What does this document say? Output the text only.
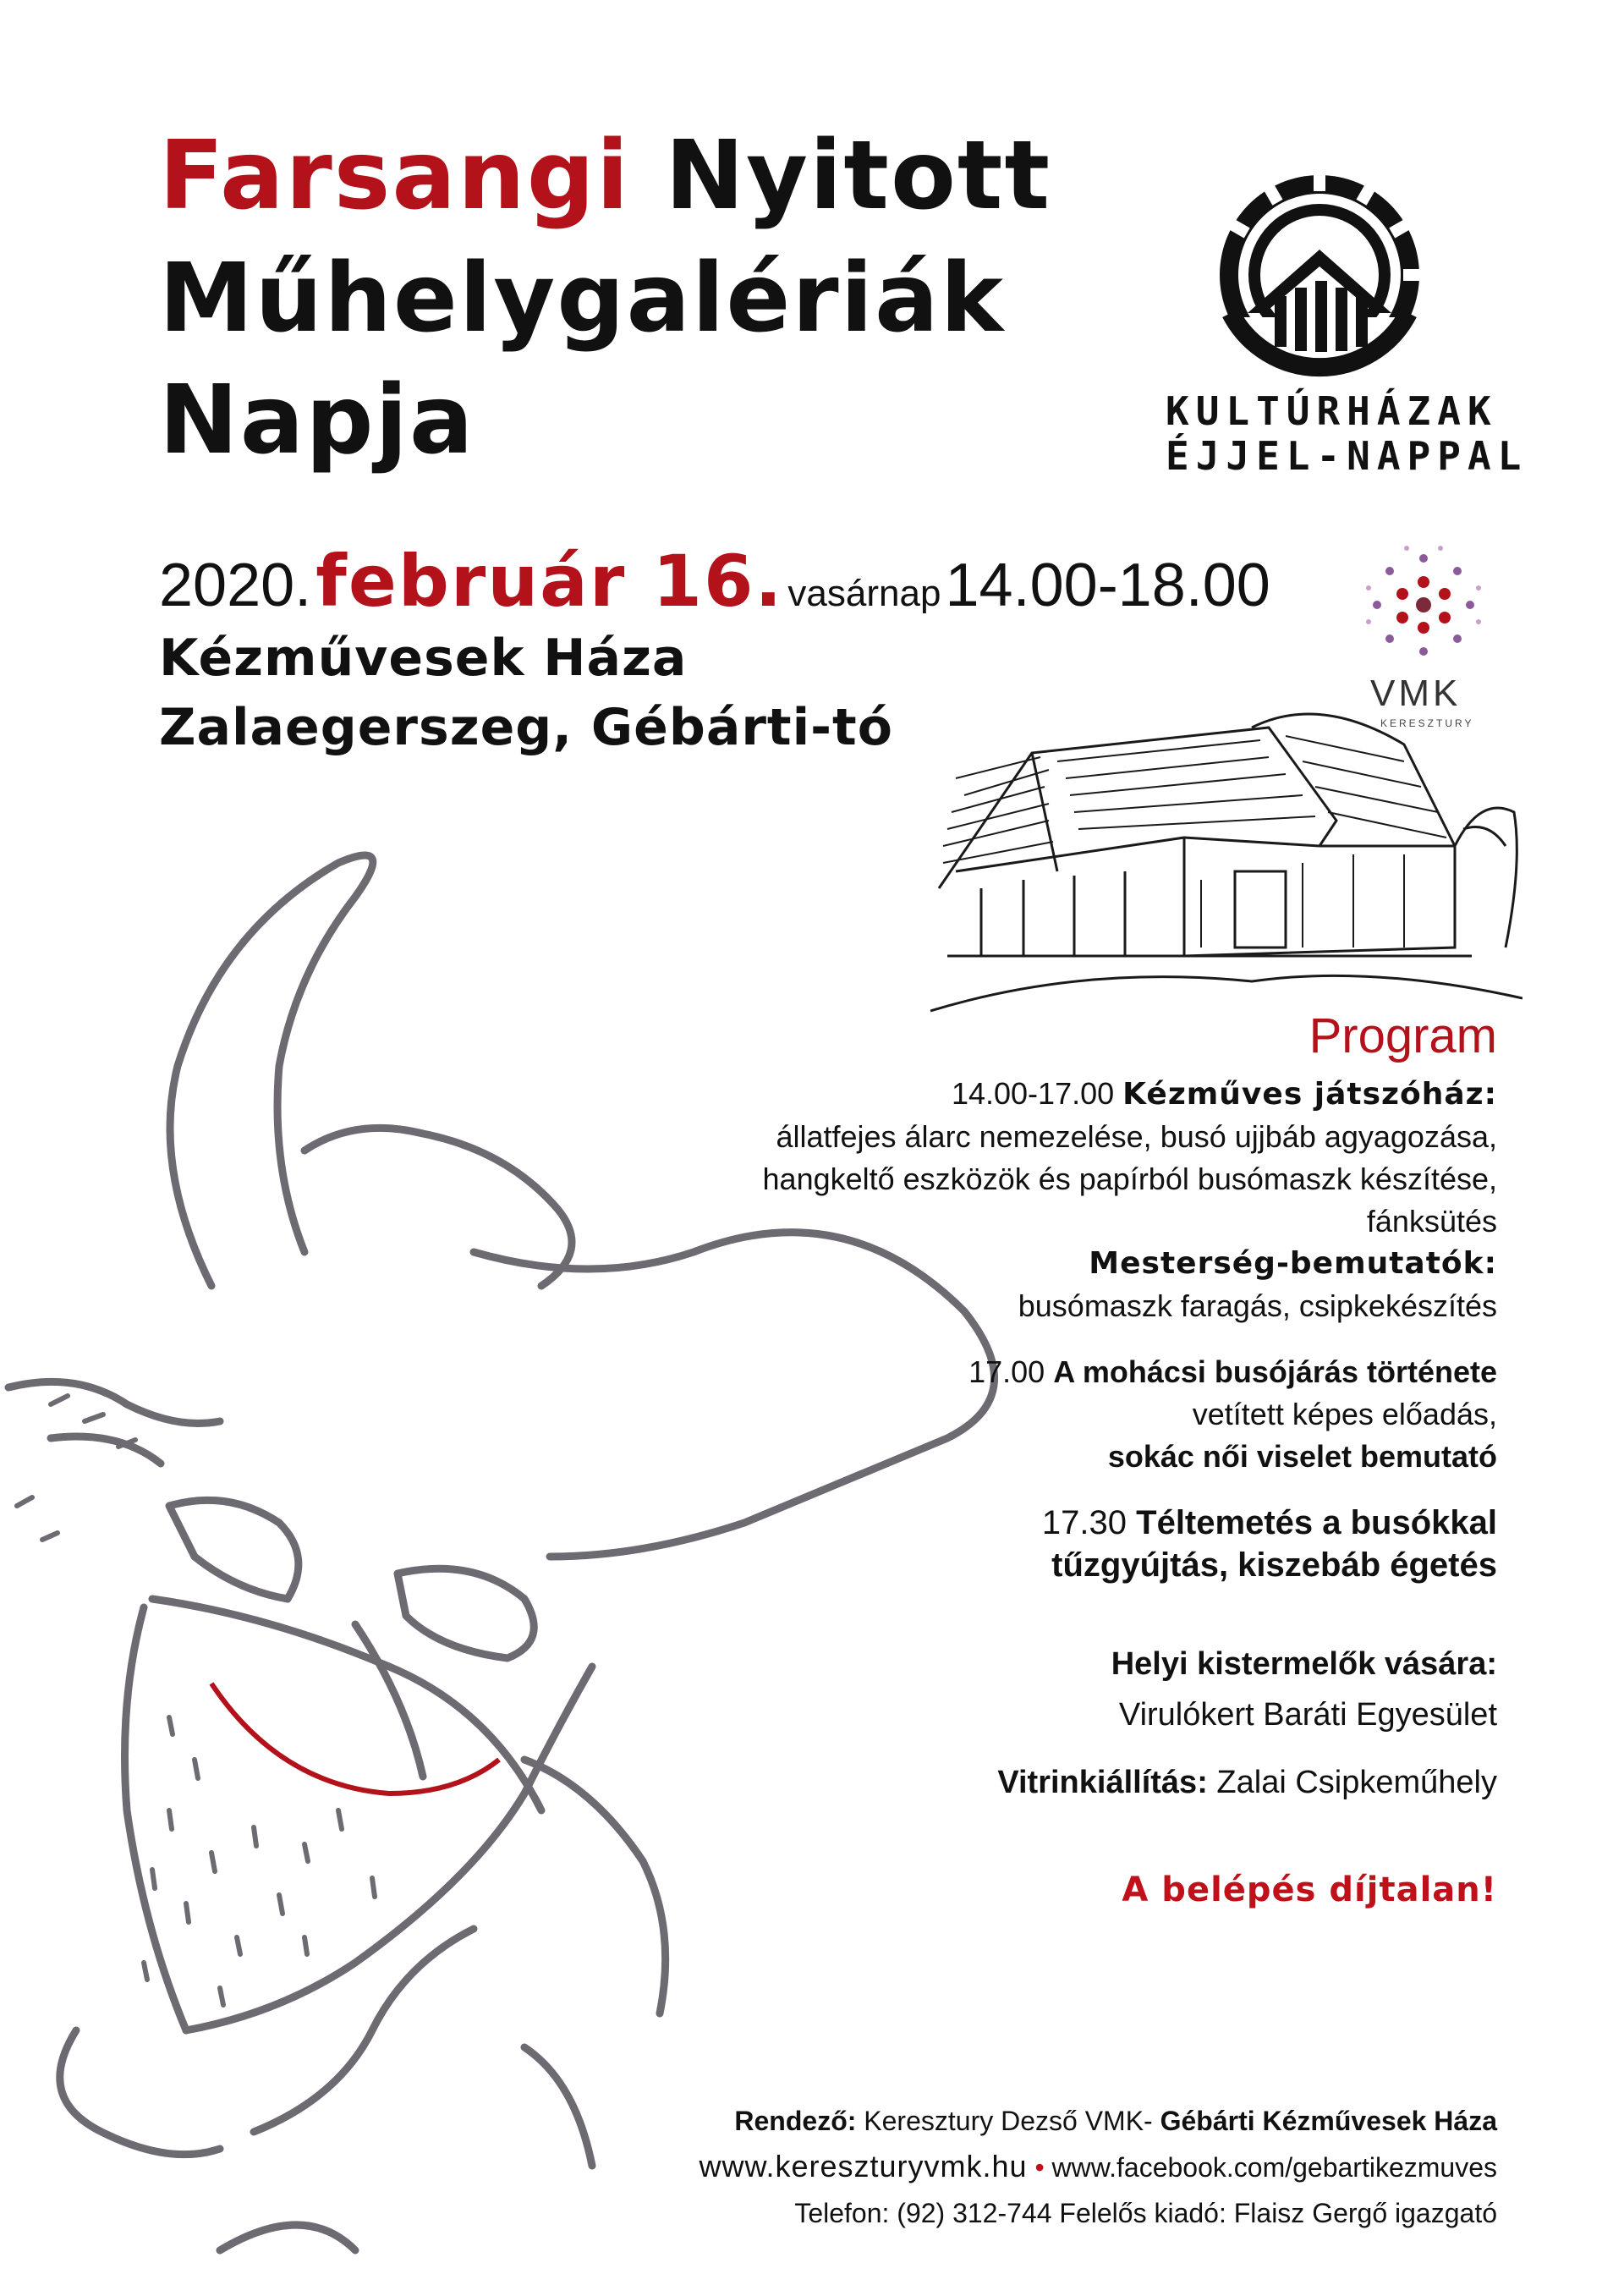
Farsangi Nyitott
Műhelygalériák
Napja	KULTÚRHÁZAK
ÉJJEL-NAPPAL
2020. február 16. vasárnap 14.00-18.00
Kézművesek Háza
Zalaegerszeg, Gébárti-tó
VMK
KERESZTURY
Program
14.00-17.00 Kézműves játszóház:
állatfejes álarc nemezelése, busó ujjbáb agyagozása,
hangkeltő eszközök és papírból busómaszk készítése,
fánksütés
Mesterség-bemutatók:
busómaszk faragás, csipkekészítés
17.00 A mohácsi busójárás története
vetített képes előadás,
sokác női viselet bemutató
17.30 Téltemetés a busókkal
tűzgyújtás, kiszebáb égetés
Helyi kistermelők vására:
Virulókert Baráti Egyesület
Vitrinkiállítás: Zalai Csipkeműhely
A belépés díjtalan!
Rendező: Keresztury Dezső VMK- Gébárti Kézművesek Háza
www.kereszturyvmk.hu • www.facebook.com/gebartikezmuves
Telefon: (92) 312-744 Felelős kiadó: Flaisz Gergő igazgató
